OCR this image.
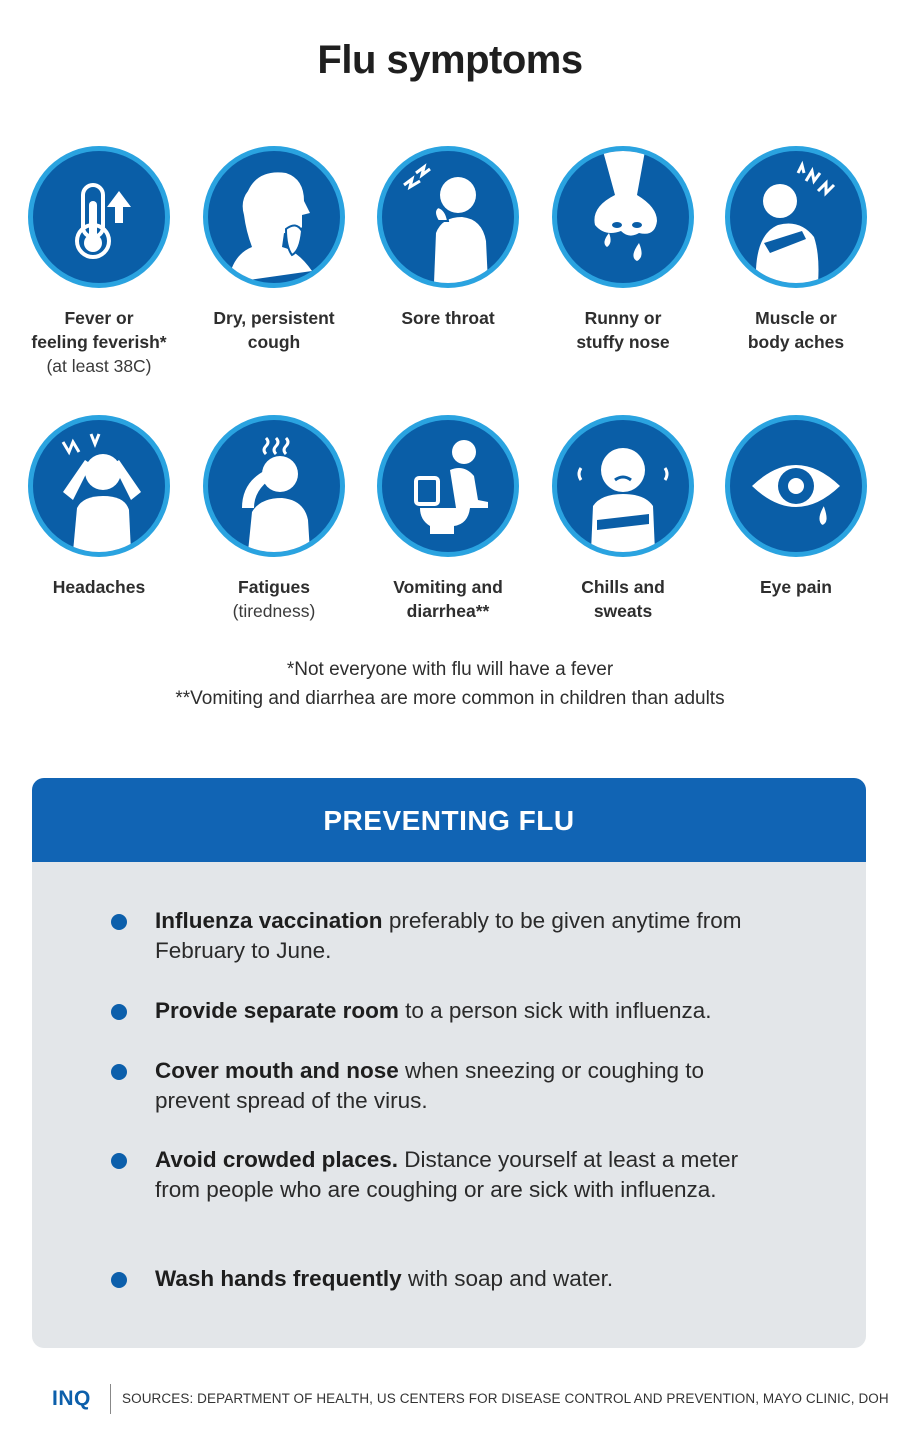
Flu symptoms
Fever or
feeling feverish*
(at least 38C)
Dry, persistent
cough
Sore throat	Runny or
stuffy nose
Muscle or
body aches
Headaches	Fatigues
(tiredness)
Vomiting and
diarrhea**
Chills and
sweats
Eye pain
*Not everyone with flu will have a fever
**Vomiting and diarrhea are more common in children than adults
PREVENTING FLU
Influenza vaccination preferably to be given anytime from February to June.
Provide separate room to a person sick with influenza.
Cover mouth and nose when sneezing or coughing to prevent spread of the virus.
Avoid crowded places. Distance yourself at least a meter from people who are coughing or are sick with influenza.
Wash hands frequently with soap and water.
INQ SOURCES: DEPARTMENT OF HEALTH, US CENTERS FOR DISEASE CONTROL AND PREVENTION, MAYO CLINIC, DOH
